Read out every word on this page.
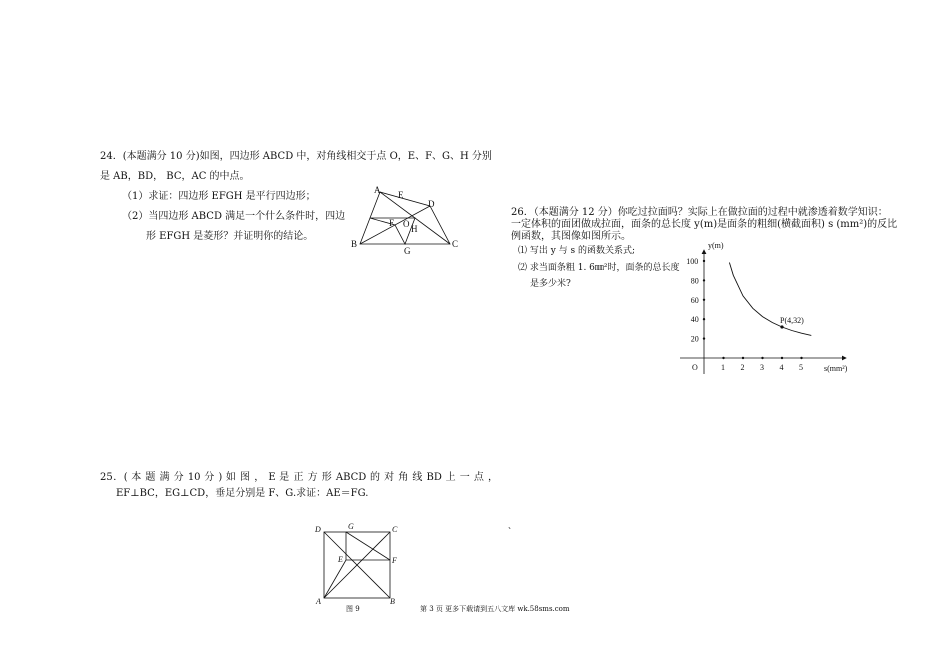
24．(本题满分 10 分)如图，四边形 ABCD 中，对角线相交于点 O，E、F、G、H 分别
是 AB，BD， BC，AC 的中点。
（1）求证：四边形 EFGH 是平行四边形；
（2）当四边形 ABCD 满足一个什么条件时，四边
形 EFGH 是菱形？并证明你的结论。
A E
D
F O H
B	C
G
26．（本题满分 12 分）你吃过拉面吗？实际上在做拉面的过程中就渗透着数学知识：
一定体积的面团做成拉面，面条的总长度 y(m)是面条的粗细(横截面积) s (mm²)的反比
例函数，其图像如图所示。
⑴ 写出 y 与 s 的函数关系式;
⑵ 求当面条粗 1. 6㎜²时，面条的总长度
是多少米?
1 2 3 4 5
100
80
60
40
20
P(4,32)
y(m)
s(mm²)
O
25．( 本 题 满 分 10 分 ) 如 图 ， E 是 正 方 形 ABCD 的 对 角 线 BD 上 一 点 ，
EF⊥BC，EG⊥CD，垂足分别是 F、G.求证：AE＝FG.
D	G	C
E	F
A	B
、
图 9	第 3 页 更多下载请到五八文库 wk.58sms.com
